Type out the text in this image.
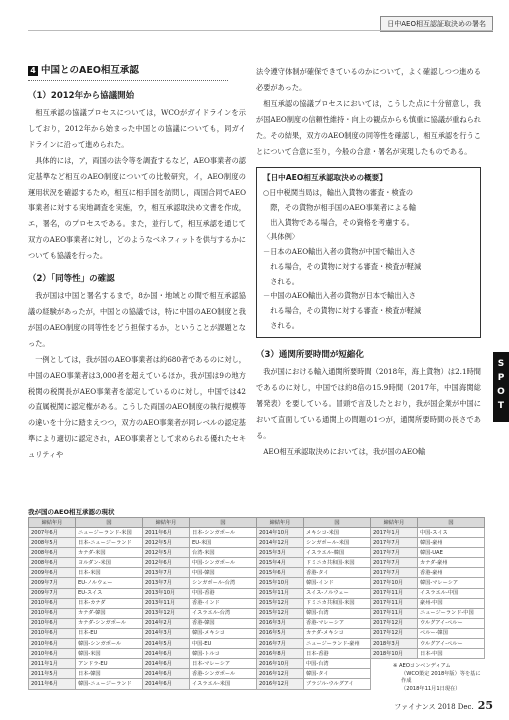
日中AEO相互認証取決めの署名
4 中国とのAEO相互承認
（1）2012年から協議開始

相互承認の協議プロセスについては，WCOがガイドラインを示しており，2012年から始まった中国との協議についても，同ガイドラインに沿って進められた。

具体的には，ア，両国の法令等を調査するなど，AEO事業者の認定基準など相互のAEO制度についての比較研究，イ，AEO制度の運用状況を確認するため，相互に相手国を訪問し，両国合同でAEO事業者に対する実地調査を実施，ウ，相互承認取決め文書を作成，エ，署名，のプロセスである。また，並行して，相互承認を通じて双方のAEO事業者に対し，どのようなベネフィットを供与するかについても協議を行った。

（2）「同等性」の確認

我が国は中国と署名するまで，8か国・地域との間で相互承認協議の経験があったが，中国との協議では，特に中国のAEO制度と我が国のAEO制度の同等性をどう担保するか，ということが課題となった。

一例としては，我が国のAEO事業者は約680者であるのに対し，中国のAEO事業者は3,000者を超えているほか，我が国は9の地方税関の税関長がAEO事業者を認定しているのに対し，中国では42の直属税関に認定権がある。こうした両国のAEO制度の執行規模等の違いを十分に踏まえつつ，双方のAEO事業者が同レベルの認定基準により適切に認定され，AEO事業者として求められる優れたセキュリティや

法令遵守体制が確保できているのかについて，よく確認しつつ進める必要があった。

相互承認の協議プロセスにおいては，こうした点に十分留意し，我が国AEO制度の信頼性維持・向上の観点からも慎重に協議が重ねられた。その結果，双方のAEO制度の同等性を確認し，相互承認を行うことについて合意に至り，今般の合意・署名が実現したものである。

【日中AEO相互承認取決めの概要】
○日中税関当局は，輸出入貨物の審査・検査の
　際，その貨物が相手国のAEO事業者による輸
　出入貨物である場合，その資格を考慮する。
〈具体例〉
－日本のAEO輸出入者の貨物が中国で輸出入さ
　れる場合，その貨物に対する審査・検査が軽減
　される。
－中国のAEO輸出入者の貨物が日本で輸出入さ
　れる場合，その貨物に対する審査・検査が軽減
　される。
（3）通関所要時間が短縮化

我が国における輸入通関所要時間（2018年，海上貨物）は2.1時間であるのに対し，中国では約8倍の15.9時間（2017年，中国海関総署発表）を要している。冒頭で言及したとおり，我が国企業が中国において直面している通関上の問題の1つが，通関所要時間の長さである。

AEO相互承認取決めにおいては，我が国のAEO輸

SPOT
我が国のAEO相互承認の現状
締結年月	国	締結年月	国	締結年月	国	締結年月	国
2007年6月	ニュージーランド-米国	2011年6月	日本-シンガポール	2014年10月	メキシコ-米国	2017年1月	中国-スイス
2008年5月	日本-ニュージーランド	2012年5月	EU-米国	2014年12月	シンガポール-米国	2017年7月	韓国-豪州
2008年6月	カナダ-米国	2012年5月	台湾-米国	2015年3月	イスラエル-韓国	2017年7月	韓国-UAE
2008年6月	ヨルダン-米国	2012年6月	中国-シンガポール	2015年4月	ドミニカ共和国-米国	2017年7月	カナダ-豪州
2009年6月	日本-米国	2013年7月	中国-韓国	2015年6月	香港-タイ	2017年7月	香港-豪州
2009年7月	EU-ノルウェー	2013年7月	シンガポール-台湾	2015年10月	韓国-インド	2017年10月	韓国-マレーシア
2009年7月	EU-スイス	2013年10月	中国-香港	2015年11月	スイス-ノルウェー	2017年11月	イスラエル-中国
2010年6月	日本-カナダ	2013年11月	香港-インド	2015年12月	ドミニカ共和国-米国	2017年11月	豪州-中国
2010年6月	カナダ-韓国	2013年12月	イスラエル-台湾	2015年12月	韓国-台湾	2017年11月	ニュージーランド-中国
2010年6月	カナダ-シンガポール	2014年2月	香港-韓国	2016年3月	香港-マレーシア	2017年12月	ウルグアイ-ペルー
2010年6月	日本-EU	2014年3月	韓国-メキシコ	2016年5月	カナダ-メキシコ	2017年12月	ペルー-韓国
2010年6月	韓国-シンガポール	2014年5月	中国-EU	2016年7月	ニュージーランド-豪州	2018年3月	ウルグアイ-ペルー
2010年6月	韓国-米国	2014年6月	韓国-トルコ	2016年8月	日本-香港	2018年10月	日本-中国
2011年1月	アンドラ-EU	2014年6月	日本-マレーシア	2016年10月	中国-台湾		
2011年5月	日本-韓国	2014年6月	香港-シンガポール	2016年12月	韓国-タイ		
2011年6月	韓国-ニュージーランド	2014年6月	イスラエル-米国	2016年12月	ブラジル-ウルグアイ		
※ AEOコンベンディアム
（WCO策定 2018年版）等を基に
作成
（2018年11月1日現在）
ファイナンス 2018 Dec. 25
